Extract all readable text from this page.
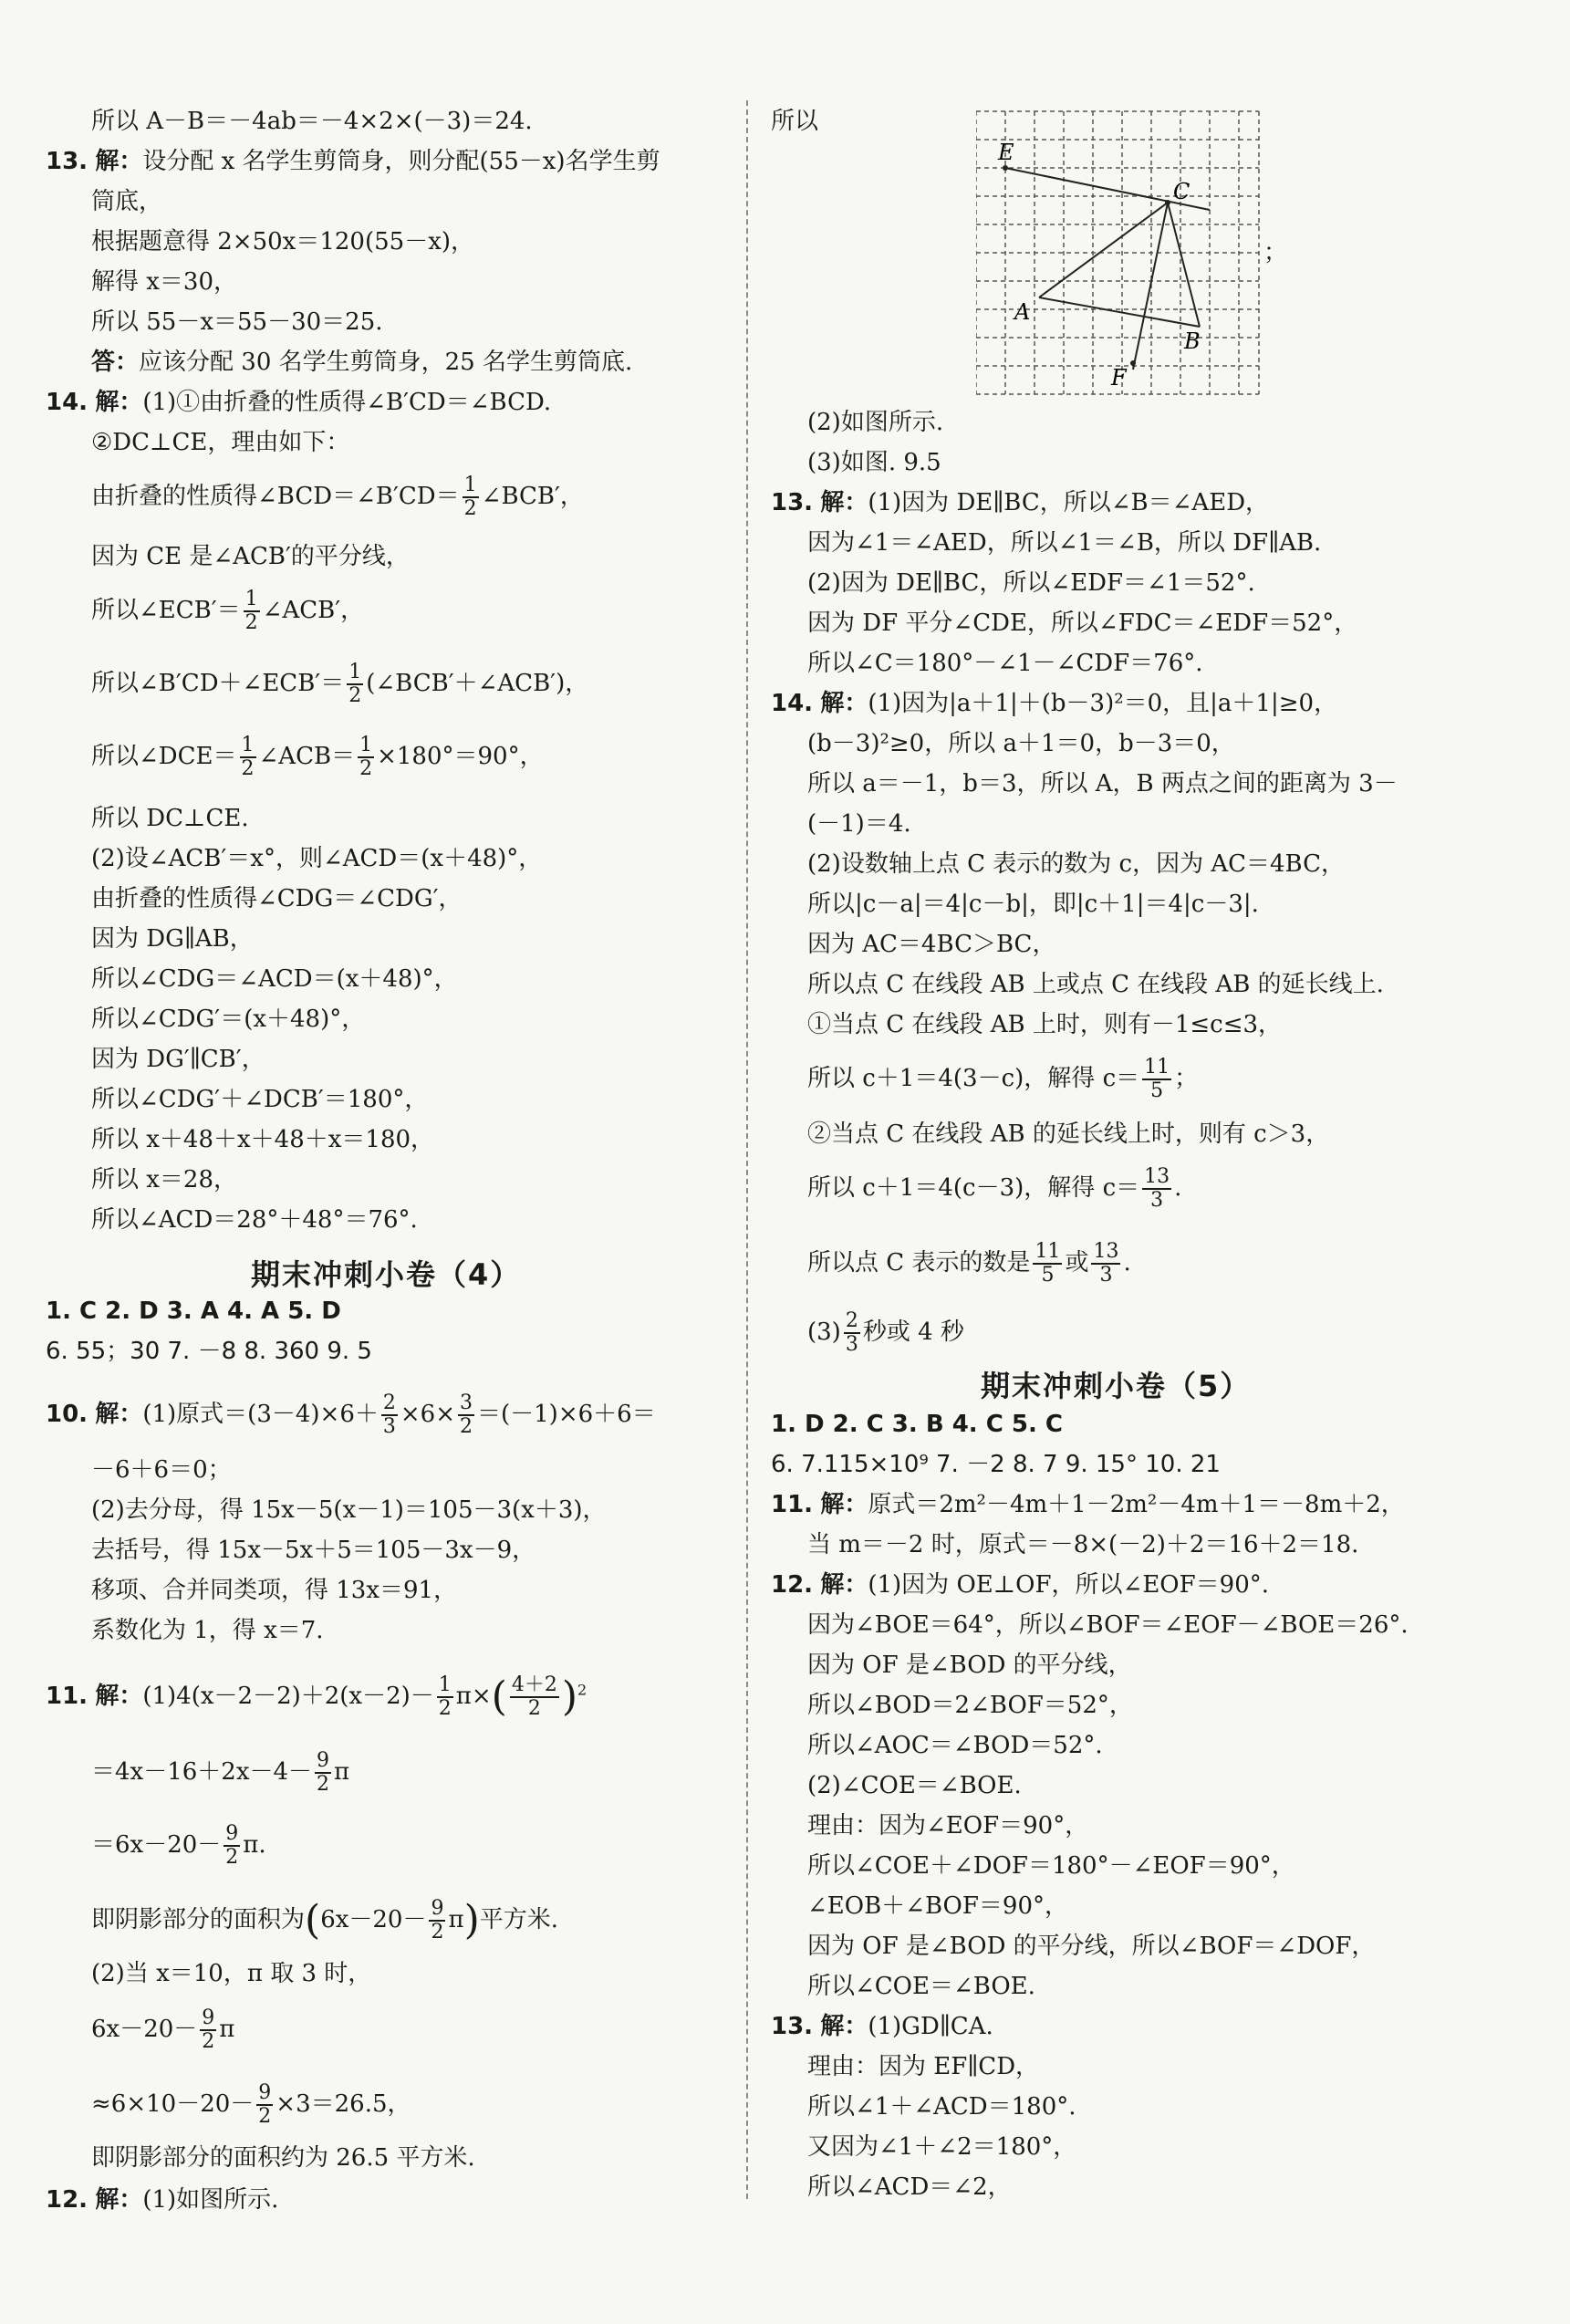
所以 A－B＝－4ab＝－4×2×(－3)＝24.
13. 解：设分配 x 名学生剪筒身，则分配(55－x)名学生剪
筒底，
根据题意得 2×50x＝120(55－x)，
解得 x＝30，
所以 55－x＝55－30＝25.
答：应该分配 30 名学生剪筒身，25 名学生剪筒底.
14. 解：(1)①由折叠的性质得∠B′CD＝∠BCD.
②DC⊥CE，理由如下：
由折叠的性质得∠BCD＝∠B′CD＝ $\frac{1}{2}$ ∠BCB′，
因为 CE 是∠ACB′的平分线，
所以∠ECB′＝ $\frac{1}{2}$ ∠ACB′，
所以∠B′CD＋∠ECB′＝ $\frac{1}{2}$ (∠BCB′＋∠ACB′)，
所以∠DCE＝ $\frac{1}{2}$ ∠ACB＝ $\frac{1}{2} \times 180^\circ=90^\circ$，
所以 DC⊥CE.
(2)设∠ACB′＝x°，则∠ACD＝(x＋48)°，
由折叠的性质得∠CDG＝∠CDG′，
因为 DG∥AB，
所以∠CDG＝∠ACD＝(x＋48)°，
所以∠CDG′＝(x＋48)°，
因为 DG′∥CB′，
所以∠CDG′＋∠DCB′＝180°，
所以 x＋48＋x＋48＋x＝180，
所以 x＝28，
所以∠ACD＝28°＋48°＝76°.
期末冲刺小卷（4）
1. C 2. D 3. A 4. A 5. D
6. 55；30 7. －8 8. 360 9. 5
10. 解：(1)原式$=(3-4)\times 6+ \frac{2}{3} \times 6\times \frac{3}{2} =(-1)\times 6+6=$
－6＋6＝0；
(2)去分母，得 15x－5(x－1)＝105－3(x＋3)，
去括号，得 15x－5x＋5＝105－3x－9，
移项、合并同类项，得 13x＝91，
系数化为 1，得 x＝7.
11. 解：$(1)4(x-2-2)+2(x-2)- \frac{1}{2} \pi\times( \frac{4+2}{2} )^2$
$=4x-16+2x-4- \frac{9}{2}$ π
$=6x-20- \frac{9}{2} \pi$.
即阴影部分的面积为$(6x-20- \frac{9}{2} \pi)$平方米.
(2)当 x＝10，π 取 3 时，
$6x-20- \frac{9}{2}$ π
$\approx 6\times 10-20- \frac{9}{2} \times 3=26.5$，
即阴影部分的面积约为 26.5 平方米.
12. 解：(1)如图所示.
所以
E
C
A
B
F
；
(2)如图所示.
(3)如图. 9.5
13. 解：(1)因为 DE∥BC，所以∠B＝∠AED，
因为∠1＝∠AED，所以∠1＝∠B，所以 DF∥AB.
(2)因为 DE∥BC，所以∠EDF＝∠1＝52°.
因为 DF 平分∠CDE，所以∠FDC＝∠EDF＝52°，
所以∠C＝180°－∠1－∠CDF＝76°.
14. 解：(1)因为|a＋1|＋(b－3)²＝0，且|a＋1|≥0，
(b－3)²≥0，所以 a＋1＝0，b－3＝0，
所以 a＝－1，b＝3，所以 A，B 两点之间的距离为 3－
(－1)＝4.
(2)设数轴上点 C 表示的数为 c，因为 AC＝4BC，
所以|c－a|＝4|c－b|，即|c＋1|＝4|c－3|.
因为 AC＝4BC＞BC，
所以点 C 在线段 AB 上或点 C 在线段 AB 的延长线上.
①当点 C 在线段 AB 上时，则有－1≤c≤3，
所以 c＋1＝4(3－c)，解得 $c= \frac{11}{5}$ ；
②当点 C 在线段 AB 的延长线上时，则有 c＞3，
所以 c＋1＝4(c－3)，解得 $c= \frac{13}{3}$ .
所以点 C 表示的数是 $\frac{11}{5}$ 或 $\frac{13}{3}$ .
$(3) \frac{2}{3}$ 秒或 4 秒
期末冲刺小卷（5）
1. D 2. C 3. B 4. C 5. C
6. 7.115×10⁹ 7. －2 8. 7 9. 15° 10. 21
11. 解：原式＝2m²－4m＋1－2m²－4m＋1＝－8m＋2，
当 m＝－2 时，原式＝－8×(－2)＋2＝16＋2＝18.
12. 解：(1)因为 OE⊥OF，所以∠EOF＝90°.
因为∠BOE＝64°，所以∠BOF＝∠EOF－∠BOE＝26°.
因为 OF 是∠BOD 的平分线，
所以∠BOD＝2∠BOF＝52°，
所以∠AOC＝∠BOD＝52°.
(2)∠COE＝∠BOE.
理由：因为∠EOF＝90°，
所以∠COE＋∠DOF＝180°－∠EOF＝90°，
∠EOB＋∠BOF＝90°，
因为 OF 是∠BOD 的平分线，所以∠BOF＝∠DOF，
所以∠COE＝∠BOE.
13. 解：(1)GD∥CA.
理由：因为 EF∥CD，
所以∠1＋∠ACD＝180°.
又因为∠1＋∠2＝180°，
所以∠ACD＝∠2，
